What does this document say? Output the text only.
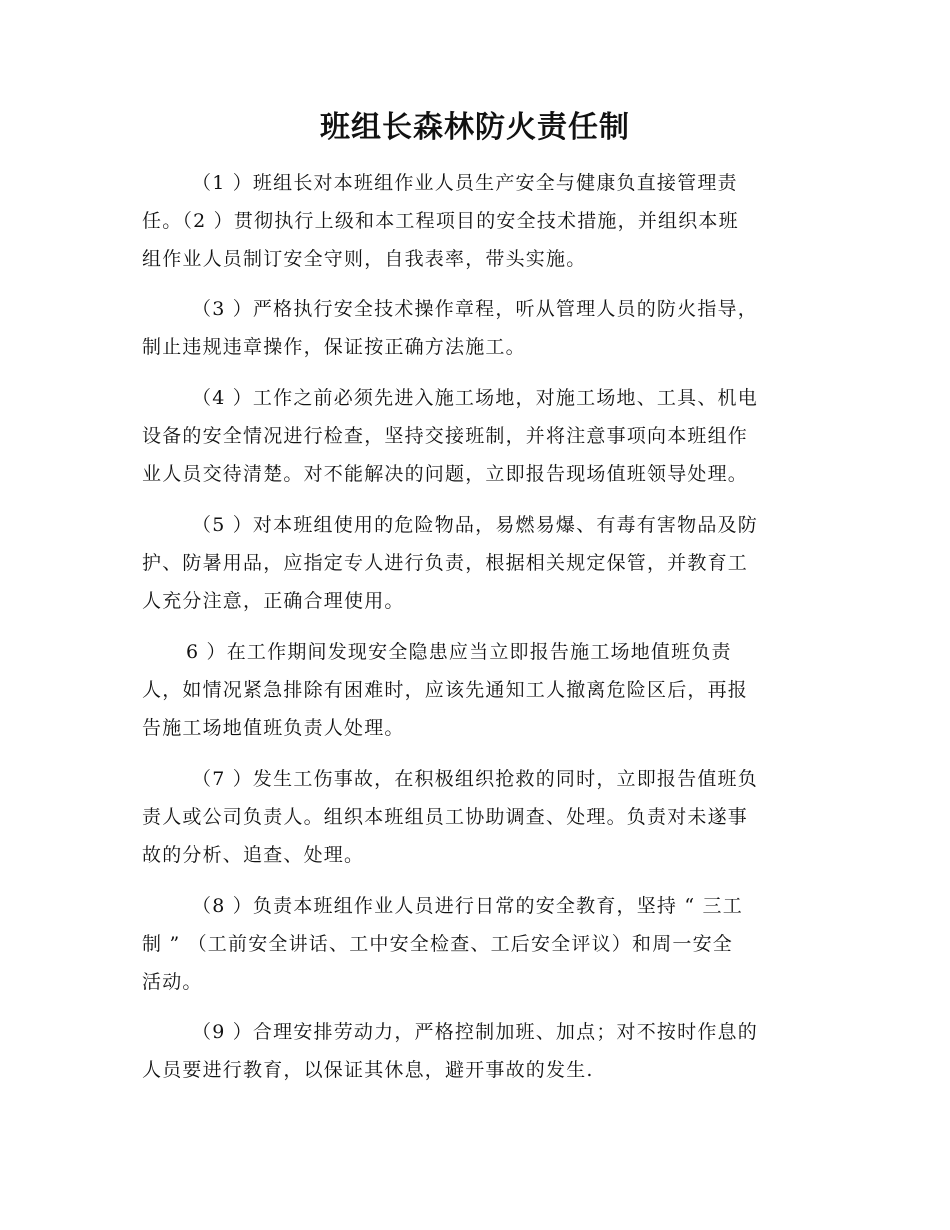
班组长森林防火责任制
（1 ）班组长对本班组作业人员生产安全与健康负直接管理责
任。（2 ）贯彻执行上级和本工程项目的安全技术措施，并组织本班
组作业人员制订安全守则，自我表率，带头实施。
（3 ）严格执行安全技术操作章程，听从管理人员的防火指导，
制止违规违章操作，保证按正确方法施工。
（4 ）工作之前必须先进入施工场地，对施工场地、工具、机电
设备的安全情况进行检查，坚持交接班制，并将注意事项向本班组作
业人员交待清楚。对不能解决的问题，立即报告现场值班领导处理。
（5 ）对本班组使用的危险物品，易燃易爆、有毒有害物品及防
护、防暑用品，应指定专人进行负责，根据相关规定保管，并教育工
人充分注意，正确合理使用。
6 ）在工作期间发现安全隐患应当立即报告施工场地值班负责
人，如情况紧急排除有困难时，应该先通知工人撤离危险区后，再报
告施工场地值班负责人处理。
（7 ）发生工伤事故，在积极组织抢救的同时，立即报告值班负
责人或公司负责人。组织本班组员工协助调查、处理。负责对未遂事
故的分析、追查、处理。
（8 ）负责本班组作业人员进行日常的安全教育，坚持 “ 三工
制 ” （工前安全讲话、工中安全检查、工后安全评议）和周一安全
活动。
（9 ）合理安排劳动力，严格控制加班、加点；对不按时作息的
人员要进行教育，以保证其休息，避开事故的发生.
